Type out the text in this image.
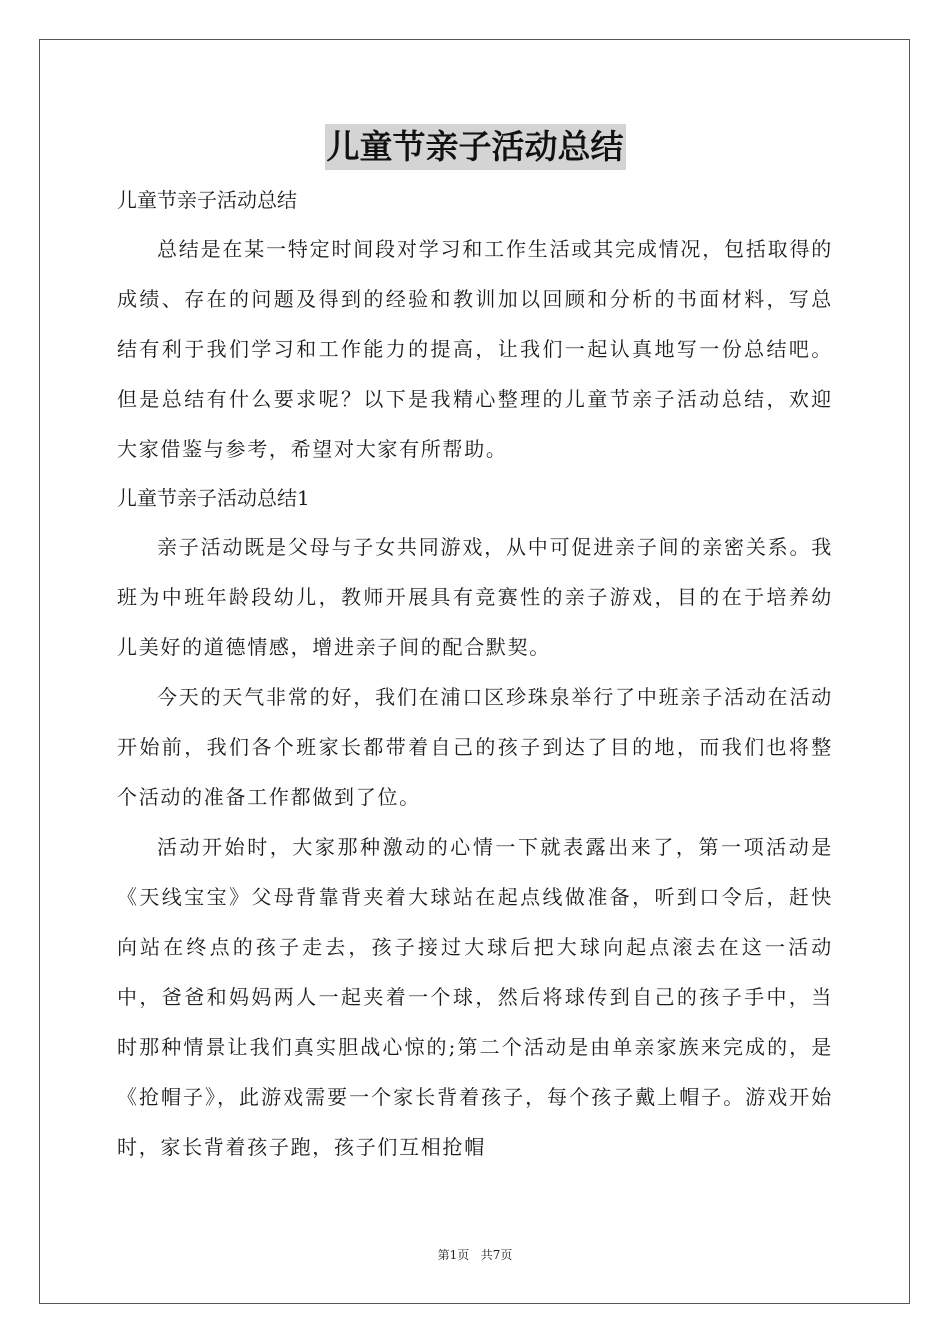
儿童节亲子活动总结

儿童节亲子活动总结

总结是在某一特定时间段对学习和工作生活或其完成情况，包括取得的成绩、存在的问题及得到的经验和教训加以回顾和分析的书面材料，写总结有利于我们学习和工作能力的提高，让我们一起认真地写一份总结吧。但是总结有什么要求呢？以下是我精心整理的儿童节亲子活动总结，欢迎大家借鉴与参考，希望对大家有所帮助。

儿童节亲子活动总结1

亲子活动既是父母与子女共同游戏，从中可促进亲子间的亲密关系。我班为中班年龄段幼儿，教师开展具有竞赛性的亲子游戏，目的在于培养幼儿美好的道德情感，增进亲子间的配合默契。

今天的天气非常的好，我们在浦口区珍珠泉举行了中班亲子活动在活动开始前，我们各个班家长都带着自己的孩子到达了目的地，而我们也将整个活动的准备工作都做到了位。

活动开始时，大家那种激动的心情一下就表露出来了，第一项活动是《天线宝宝》父母背靠背夹着大球站在起点线做准备，听到口令后，赶快向站在终点的孩子走去，孩子接过大球后把大球向起点滚去在这一活动中，爸爸和妈妈两人一起夹着一个球，然后将球传到自己的孩子手中，当时那种情景让我们真实胆战心惊的;第二个活动是由单亲家族来完成的，是《抢帽子》，此游戏需要一个家长背着孩子，每个孩子戴上帽子。游戏开始时，家长背着孩子跑，孩子们互相抢帽

第1页 共7页
